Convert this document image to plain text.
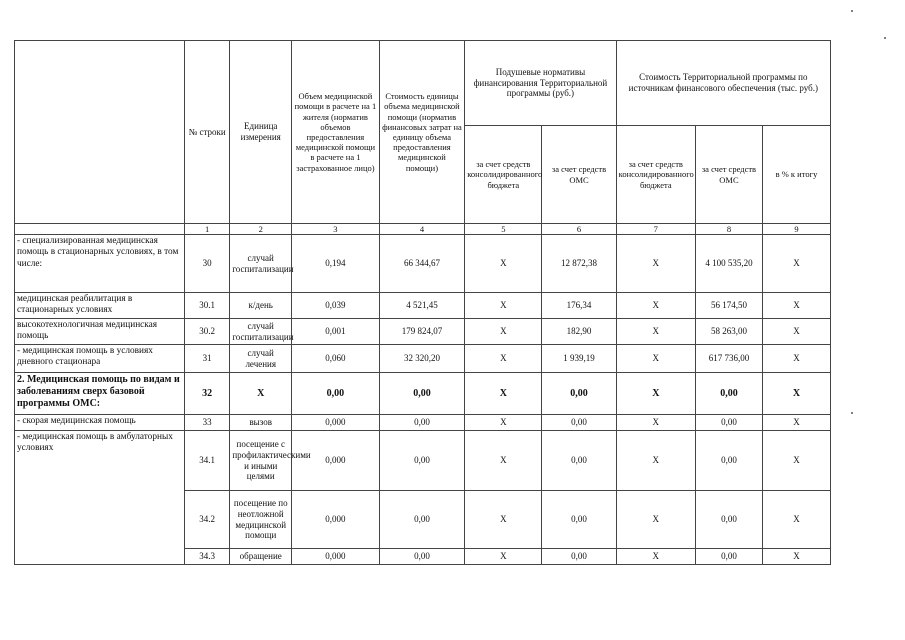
	№ строки	Единица измерения	Объем медицинской помощи в расчете на 1 жителя (норматив объемов предоставления медицинской помощи в расчете на 1 застрахованное лицо)	Стоимость единицы объема медицинской помощи (норматив финансовых затрат на единицу объема предоставления медицинской помощи)	Подушевые нормативы финансирования Территориальной программы (руб.)		Стоимость Территориальной программы по источникам финансового обеспечения (тыс. руб.)		
					за счет средств консолидированного бюджета	за счет средств ОМС	за счет средств консолидированного бюджета	за счет средств ОМС	в % к итогу
	1	2	3	4	5	6	7	8	9
- специализированная медицинская помощь в стационарных условиях, в том числе:	30	случай госпитализации	0,194	66 344,67	X	12 872,38	X	4 100 535,20	X
медицинская реабилитация в стационарных условиях	30.1	к/день	0,039	4 521,45	X	176,34	X	56 174,50	X
высокотехнологичная медицинская помощь	30.2	случай госпитализации	0,001	179 824,07	X	182,90	X	58 263,00	X
- медицинская помощь в условиях дневного стационара	31	случай лечения	0,060	32 320,20	X	1 939,19	X	617 736,00	X
2. Медицинская помощь по видам и заболеваниям сверх базовой программы ОМС:	32	X	0,00	0,00	X	0,00	X	0,00	X
- скорая медицинская помощь	33	вызов	0,000	0,00	X	0,00	X	0,00	X
- медицинская помощь в амбулаторных условиях	34.1	посещение с профилактическими и иными целями	0,000	0,00	X	0,00	X	0,00	X
	34.2	посещение по неотложной медицинской помощи	0,000	0,00	X	0,00	X	0,00	X
	34.3	обращение	0,000	0,00	X	0,00	X	0,00	X
